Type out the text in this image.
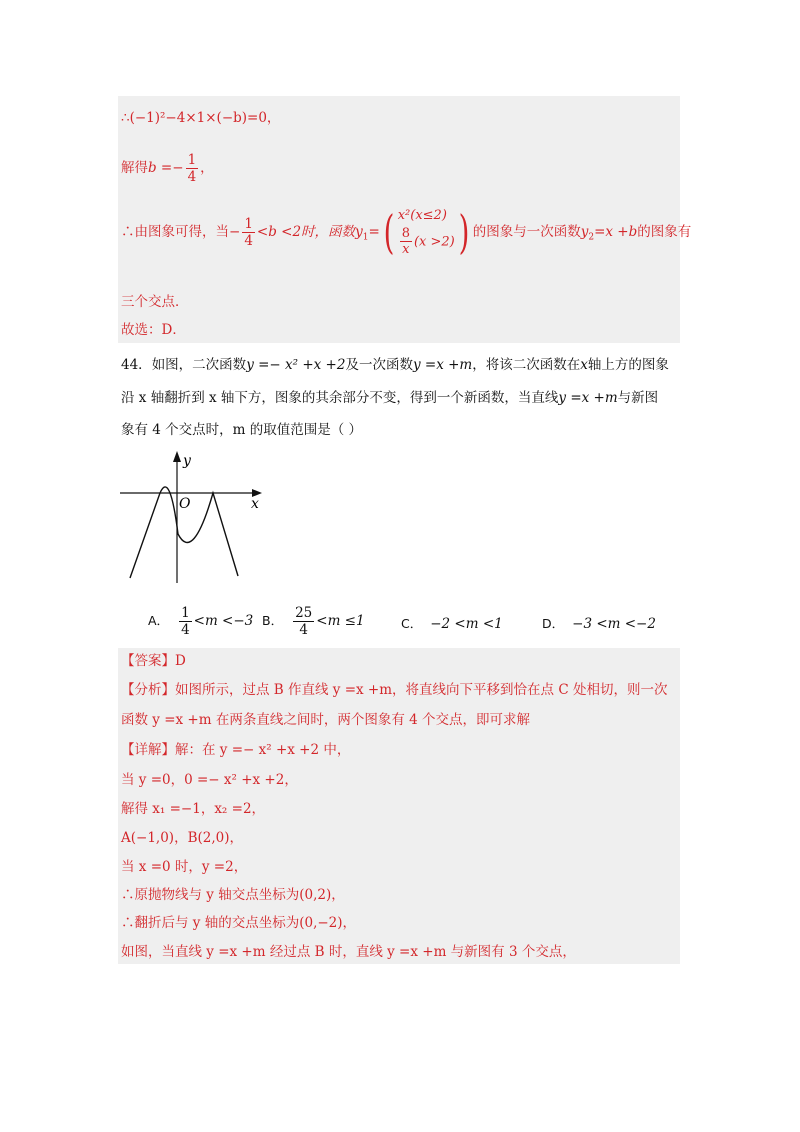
∴(−1)²−4×1×(−b)=0，
解得$b =- \frac{1}{4}$ ，
∴由图象可得，当− $\frac{1}{4} <b <2$时，函数$y_1=$( x²(x≤2)

$\frac{8}{x} (x >2)$) 的图象与一次函数$y_2=x +b$的图象有
三个交点．
故选：D．
44．如图，二次函数y =− x² +x +2及一次函数y =x +m，将该二次函数在x轴上方的图象
沿 x 轴翻折到 x 轴下方，图象的其余部分不变，得到一个新函数，当直线y =x +m与新图
象有 4 个交点时，m 的取值范围是（ ）
y
x
O
A． $\frac{1}{4} <m <-3$ B． $\frac{25}{4} <m \le 1$	C． −2 <m <1	D． −3 <m <−2
【答案】D
【分析】如图所示，过点 B 作直线 y =x +m，将直线向下平移到恰在点 C 处相切，则一次
函数 y =x +m 在两条直线之间时，两个图象有 4 个交点，即可求解
【详解】解：在 y =− x² +x +2 中，
当 y =0，0 =− x² +x +2，
解得 x₁ =−1，x₂ =2，
A(−1,0)，B(2,0)，
当 x =0 时，y =2，
∴原抛物线与 y 轴交点坐标为(0,2)，
∴翻折后与 y 轴的交点坐标为(0,−2)，
如图，当直线 y =x +m 经过点 B 时，直线 y =x +m 与新图有 3 个交点，
